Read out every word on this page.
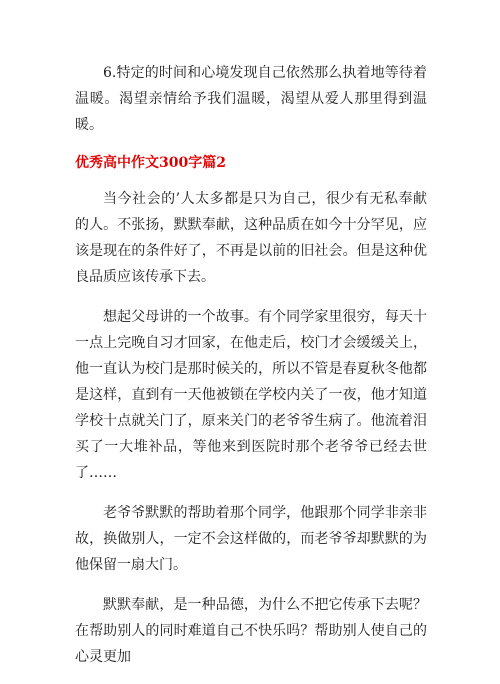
6.特定的时间和心境发现自己依然那么执着地等待着温暖。渴望亲情给予我们温暖，渴望从爱人那里得到温暖。

优秀高中作文300字篇2

当今社会的’人太多都是只为自己，很少有无私奉献的人。不张扬，默默奉献，这种品质在如今十分罕见，应该是现在的条件好了，不再是以前的旧社会。但是这种优良品质应该传承下去。

想起父母讲的一个故事。有个同学家里很穷，每天十一点上完晚自习才回家，在他走后，校门才会缓缓关上，他一直认为校门是那时候关的，所以不管是春夏秋冬他都是这样，直到有一天他被锁在学校内关了一夜，他才知道学校十点就关门了，原来关门的老爷爷生病了。他流着泪买了一大堆补品，等他来到医院时那个老爷爷已经去世了……

老爷爷默默的帮助着那个同学，他跟那个同学非亲非故，换做别人，一定不会这样做的，而老爷爷却默默的为他保留一扇大门。

默默奉献，是一种品德，为什么不把它传承下去呢？在帮助别人的同时难道自己不快乐吗？帮助别人使自己的心灵更加
